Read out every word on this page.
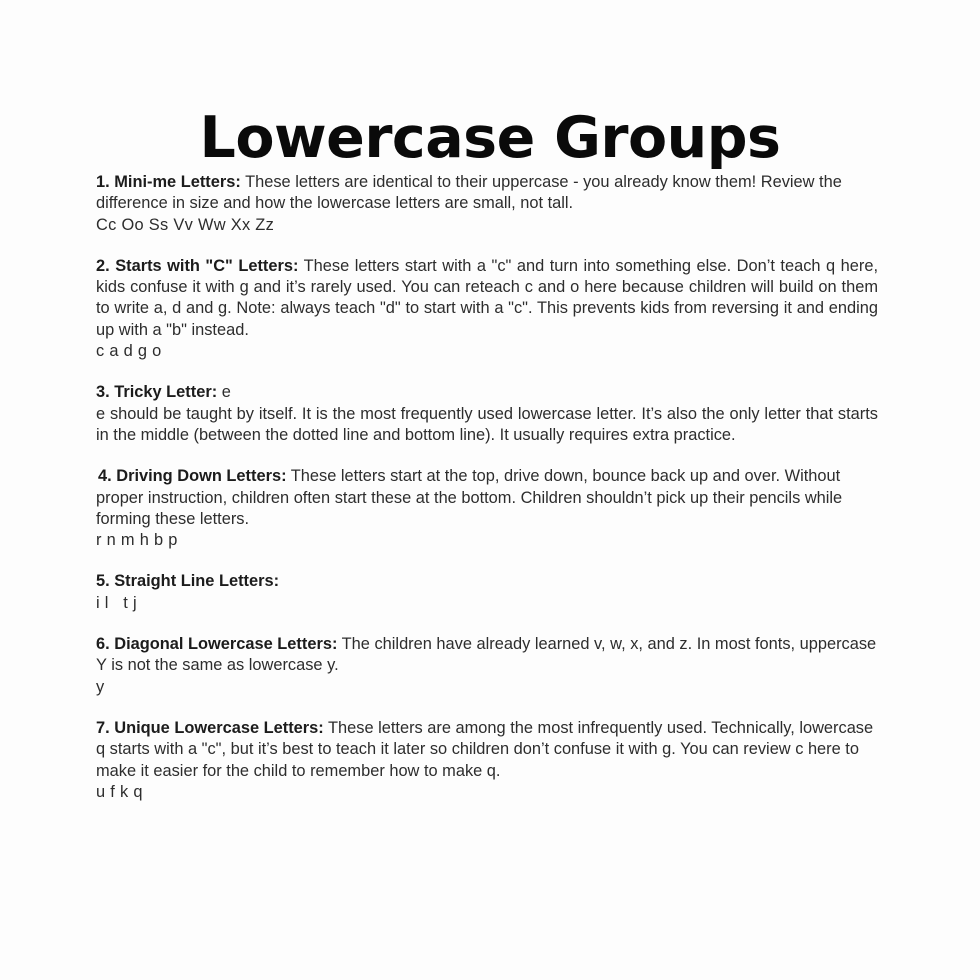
Lowercase Groups

1. Mini-me Letters: These letters are identical to their uppercase - you already know them! Review the difference in size and how the lowercase letters are small, not tall.

Cc Oo Ss Vv Ww Xx Zz

2. Starts with "C" Letters: These letters start with a "c" and turn into something else. Don’t teach q here, kids confuse it with g and it’s rarely used. You can reteach c and o here because children will build on them to write a, d and g. Note: always teach "d" to start with a "c". This prevents kids from reversing it and ending up with a "b" instead.

c a d g o

3. Tricky Letter: e

e should be taught by itself. It is the most frequently used lowercase letter. It’s also the only letter that starts in the middle (between the dotted line and bottom line). It usually requires extra practice.

4. Driving Down Letters: These letters start at the top, drive down, bounce back up and over. Without proper instruction, children often start these at the bottom. Children shouldn’t pick up their pencils while forming these letters.

r n m h b p

5. Straight Line Letters:

i l   t j

6. Diagonal Lowercase Letters: The children have already learned v, w, x, and z. In most fonts, uppercase Y is not the same as lowercase y.

y

7. Unique Lowercase Letters: These letters are among the most infrequently used. Technically, lowercase q starts with a "c", but it’s best to teach it later so children don’t confuse it with g. You can review c here to make it easier for the child to remember how to make q.

u f k q
